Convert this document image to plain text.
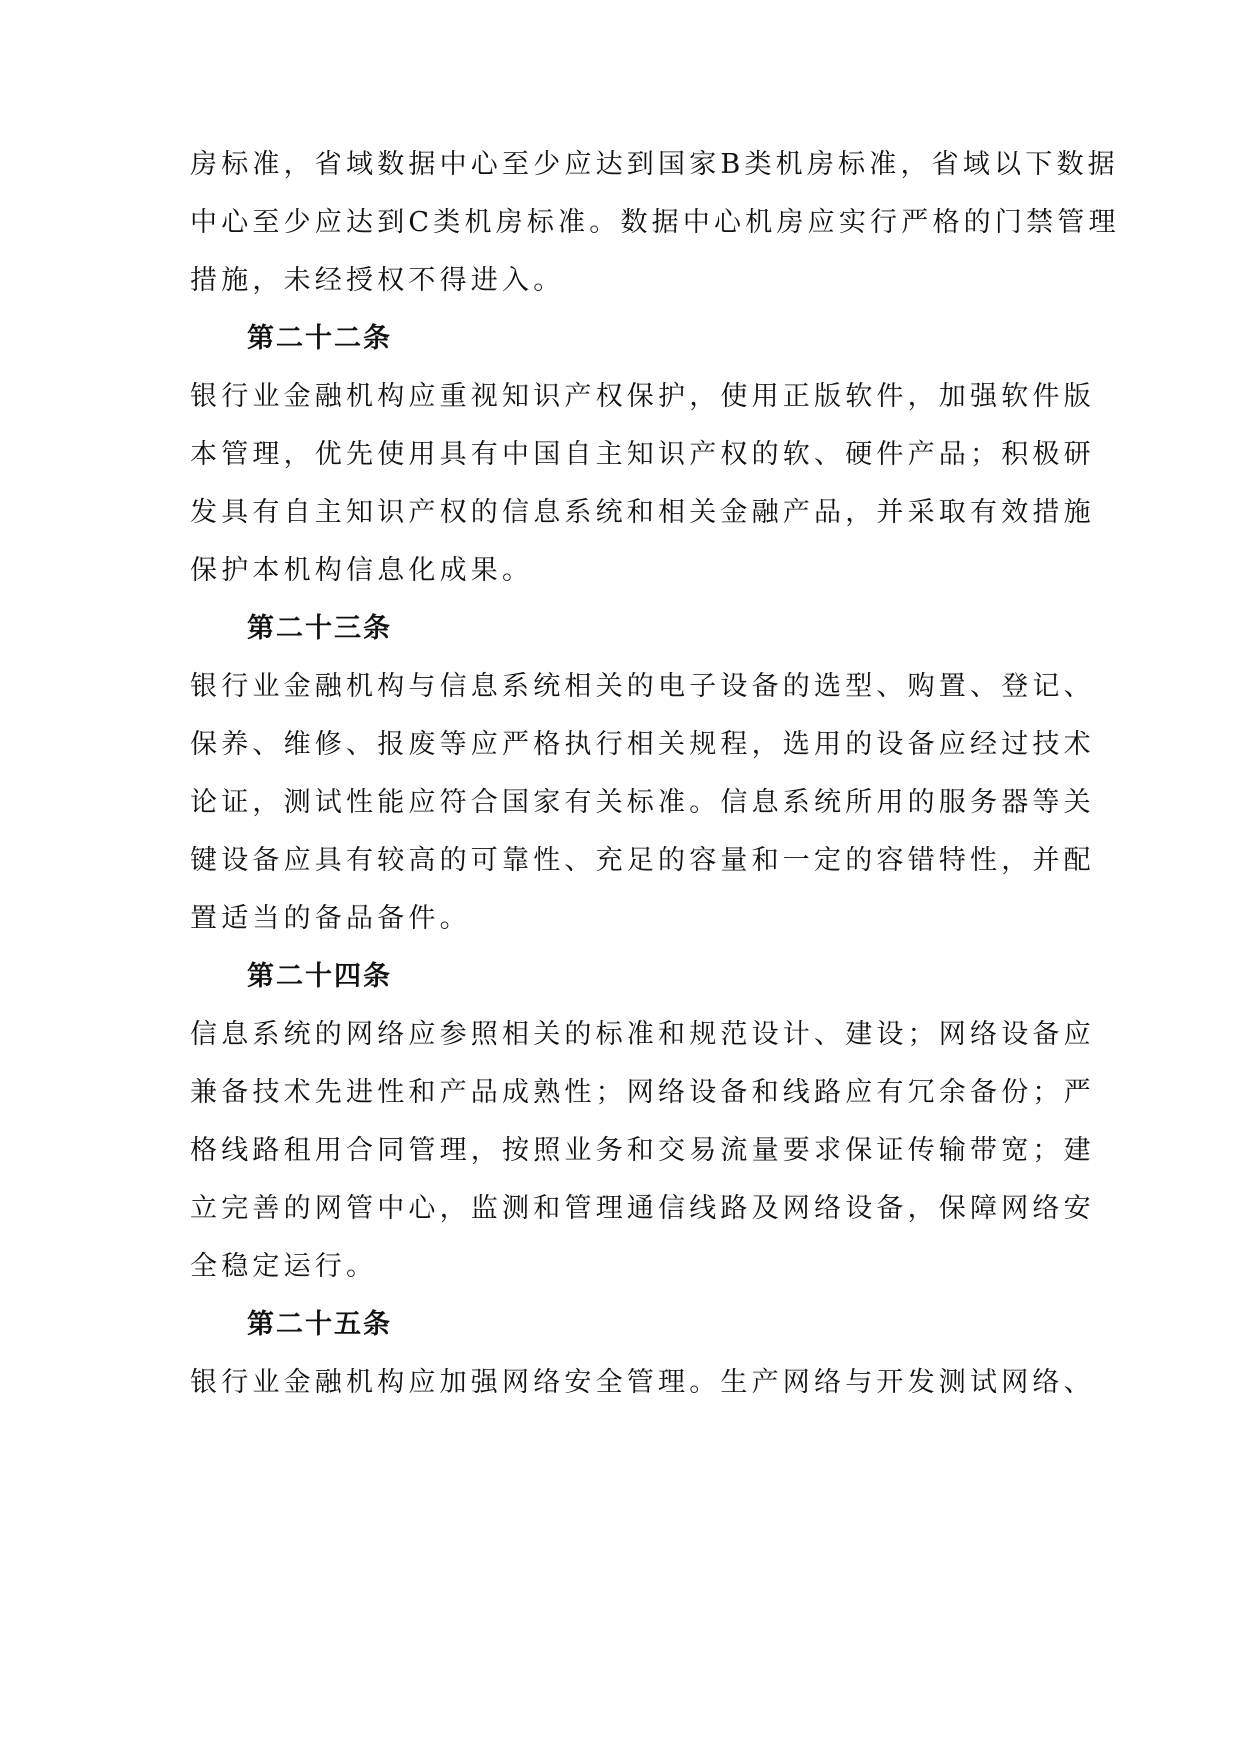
房标准，省域数据中心至少应达到国家B类机房标准，省域以下数据
中心至少应达到C类机房标准。数据中心机房应实行严格的门禁管理
措施，未经授权不得进入。
第二十二条
银行业金融机构应重视知识产权保护，使用正版软件，加强软件版
本管理，优先使用具有中国自主知识产权的软、硬件产品；积极研
发具有自主知识产权的信息系统和相关金融产品，并采取有效措施
保护本机构信息化成果。
第二十三条
银行业金融机构与信息系统相关的电子设备的选型、购置、登记、
保养、维修、报废等应严格执行相关规程，选用的设备应经过技术
论证，测试性能应符合国家有关标准。信息系统所用的服务器等关
键设备应具有较高的可靠性、充足的容量和一定的容错特性，并配
置适当的备品备件。
第二十四条
信息系统的网络应参照相关的标准和规范设计、建设；网络设备应
兼备技术先进性和产品成熟性；网络设备和线路应有冗余备份；严
格线路租用合同管理，按照业务和交易流量要求保证传输带宽；建
立完善的网管中心，监测和管理通信线路及网络设备，保障网络安
全稳定运行。
第二十五条
银行业金融机构应加强网络安全管理。生产网络与开发测试网络、
